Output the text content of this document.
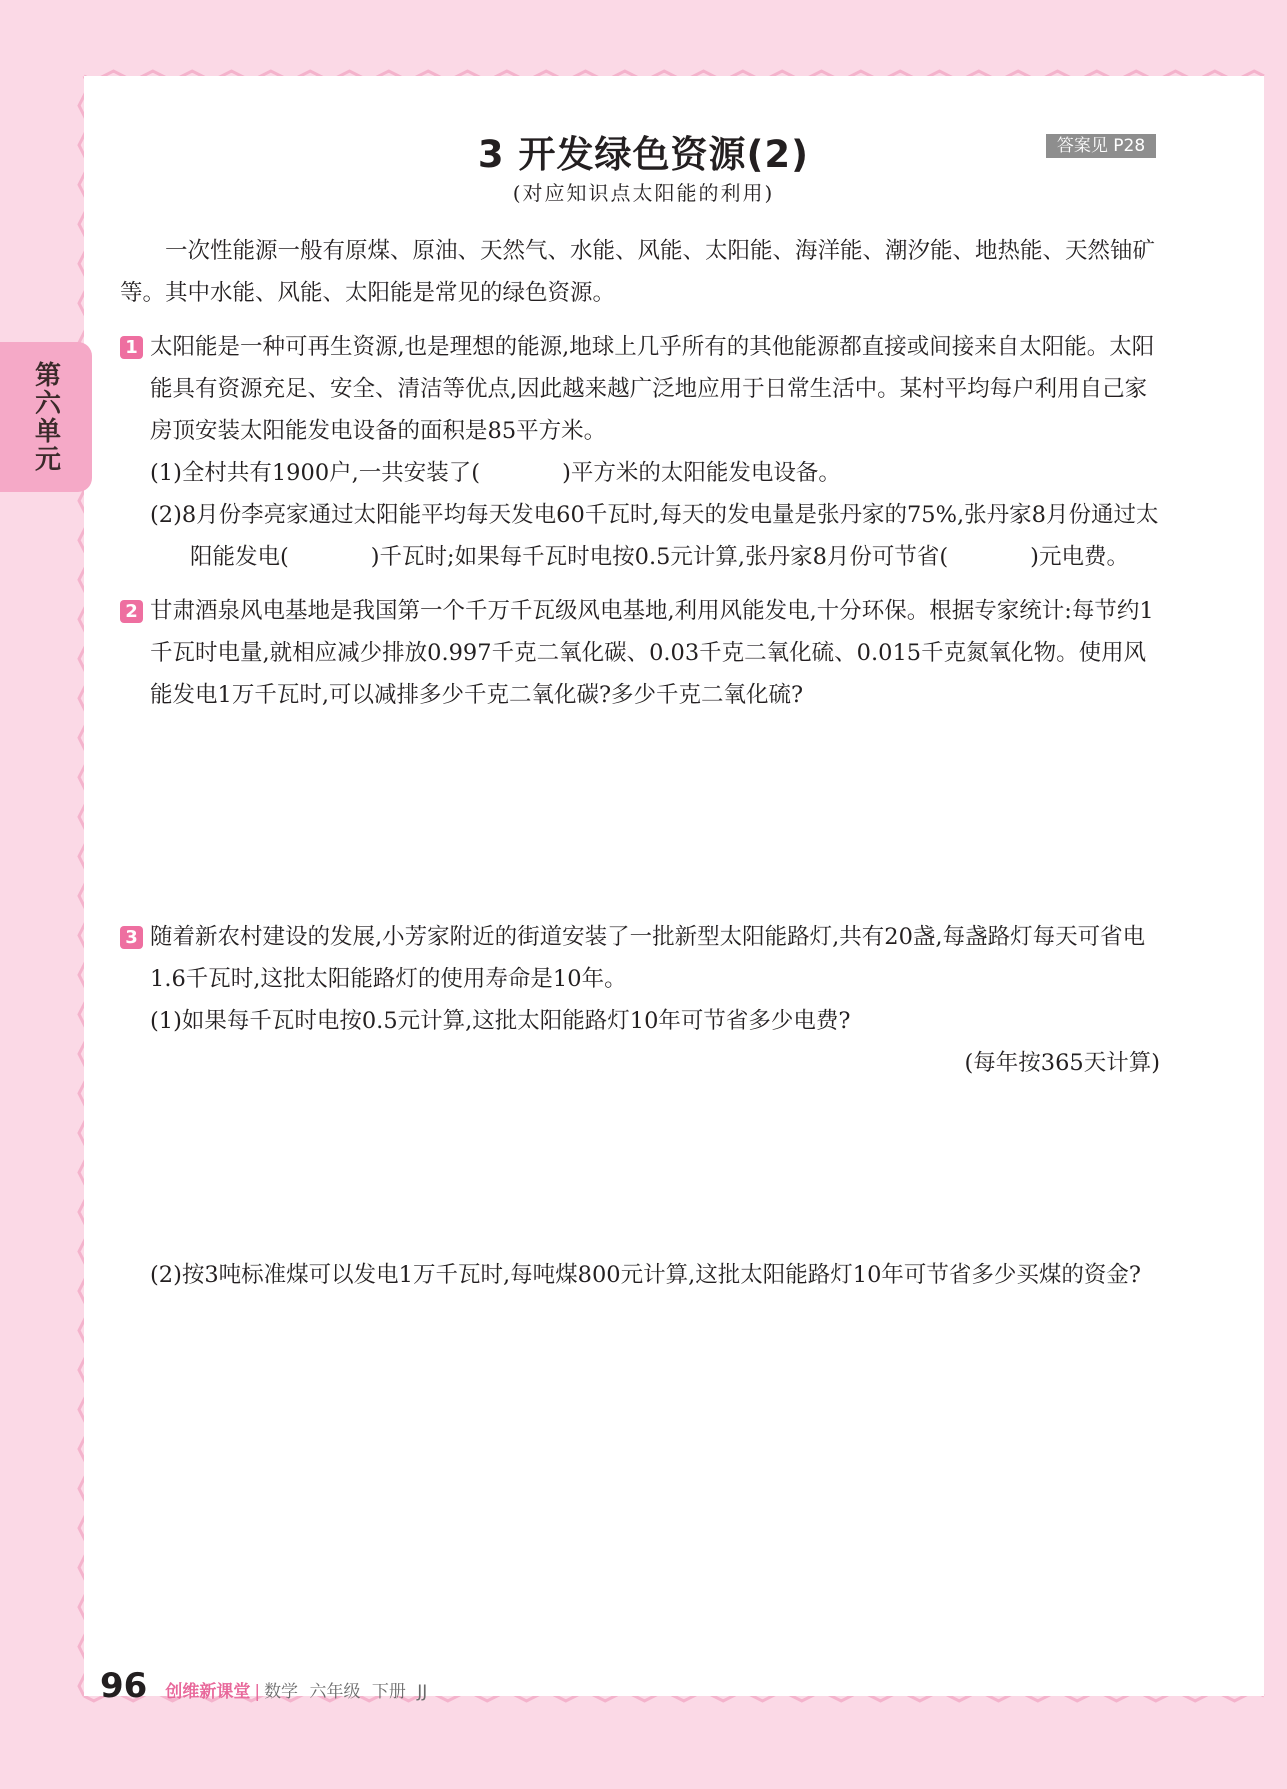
第六单元
3 开发绿色资源(2)	答案见 P28
(对应知识点太阳能的利用)

一次性能源一般有原煤、原油、天然气、水能、风能、太阳能、海洋能、潮汐能、地热能、天然铀矿等。其中水能、风能、太阳能是常见的绿色资源。

1 太阳能是一种可再生资源,也是理想的能源,地球上几乎所有的其他能源都直接或间接来自太阳能。太阳能具有资源充足、安全、清洁等优点,因此越来越广泛地应用于日常生活中。某村平均每户利用自己家房顶安装太阳能发电设备的面积是85平方米。

(1)全村共有1900户,一共安装了(	)平方米的太阳能发电设备。

(2)8月份李亮家通过太阳能平均每天发电60千瓦时,每天的发电量是张丹家的75%,张丹家8月份通过太阳能发电(	)千瓦时;如果每千瓦时电按0.5元计算,张丹家8月份可节省(	)元电费。

2 甘肃酒泉风电基地是我国第一个千万千瓦级风电基地,利用风能发电,十分环保。根据专家统计:每节约1千瓦时电量,就相应减少排放0.997千克二氧化碳、0.03千克二氧化硫、0.015千克氮氧化物。使用风能发电1万千瓦时,可以减排多少千克二氧化碳?多少千克二氧化硫?

3 随着新农村建设的发展,小芳家附近的街道安装了一批新型太阳能路灯,共有20盏,每盏路灯每天可省电1.6千瓦时,这批太阳能路灯的使用寿命是10年。

(1)如果每千瓦时电按0.5元计算,这批太阳能路灯10年可节省多少电费?

(每年按365天计算)

(2)按3吨标准煤可以发电1万千瓦时,每吨煤800元计算,这批太阳能路灯10年可节省多少买煤的资金?

96 创维新课堂 | 数学 六年级 下册 JJ
